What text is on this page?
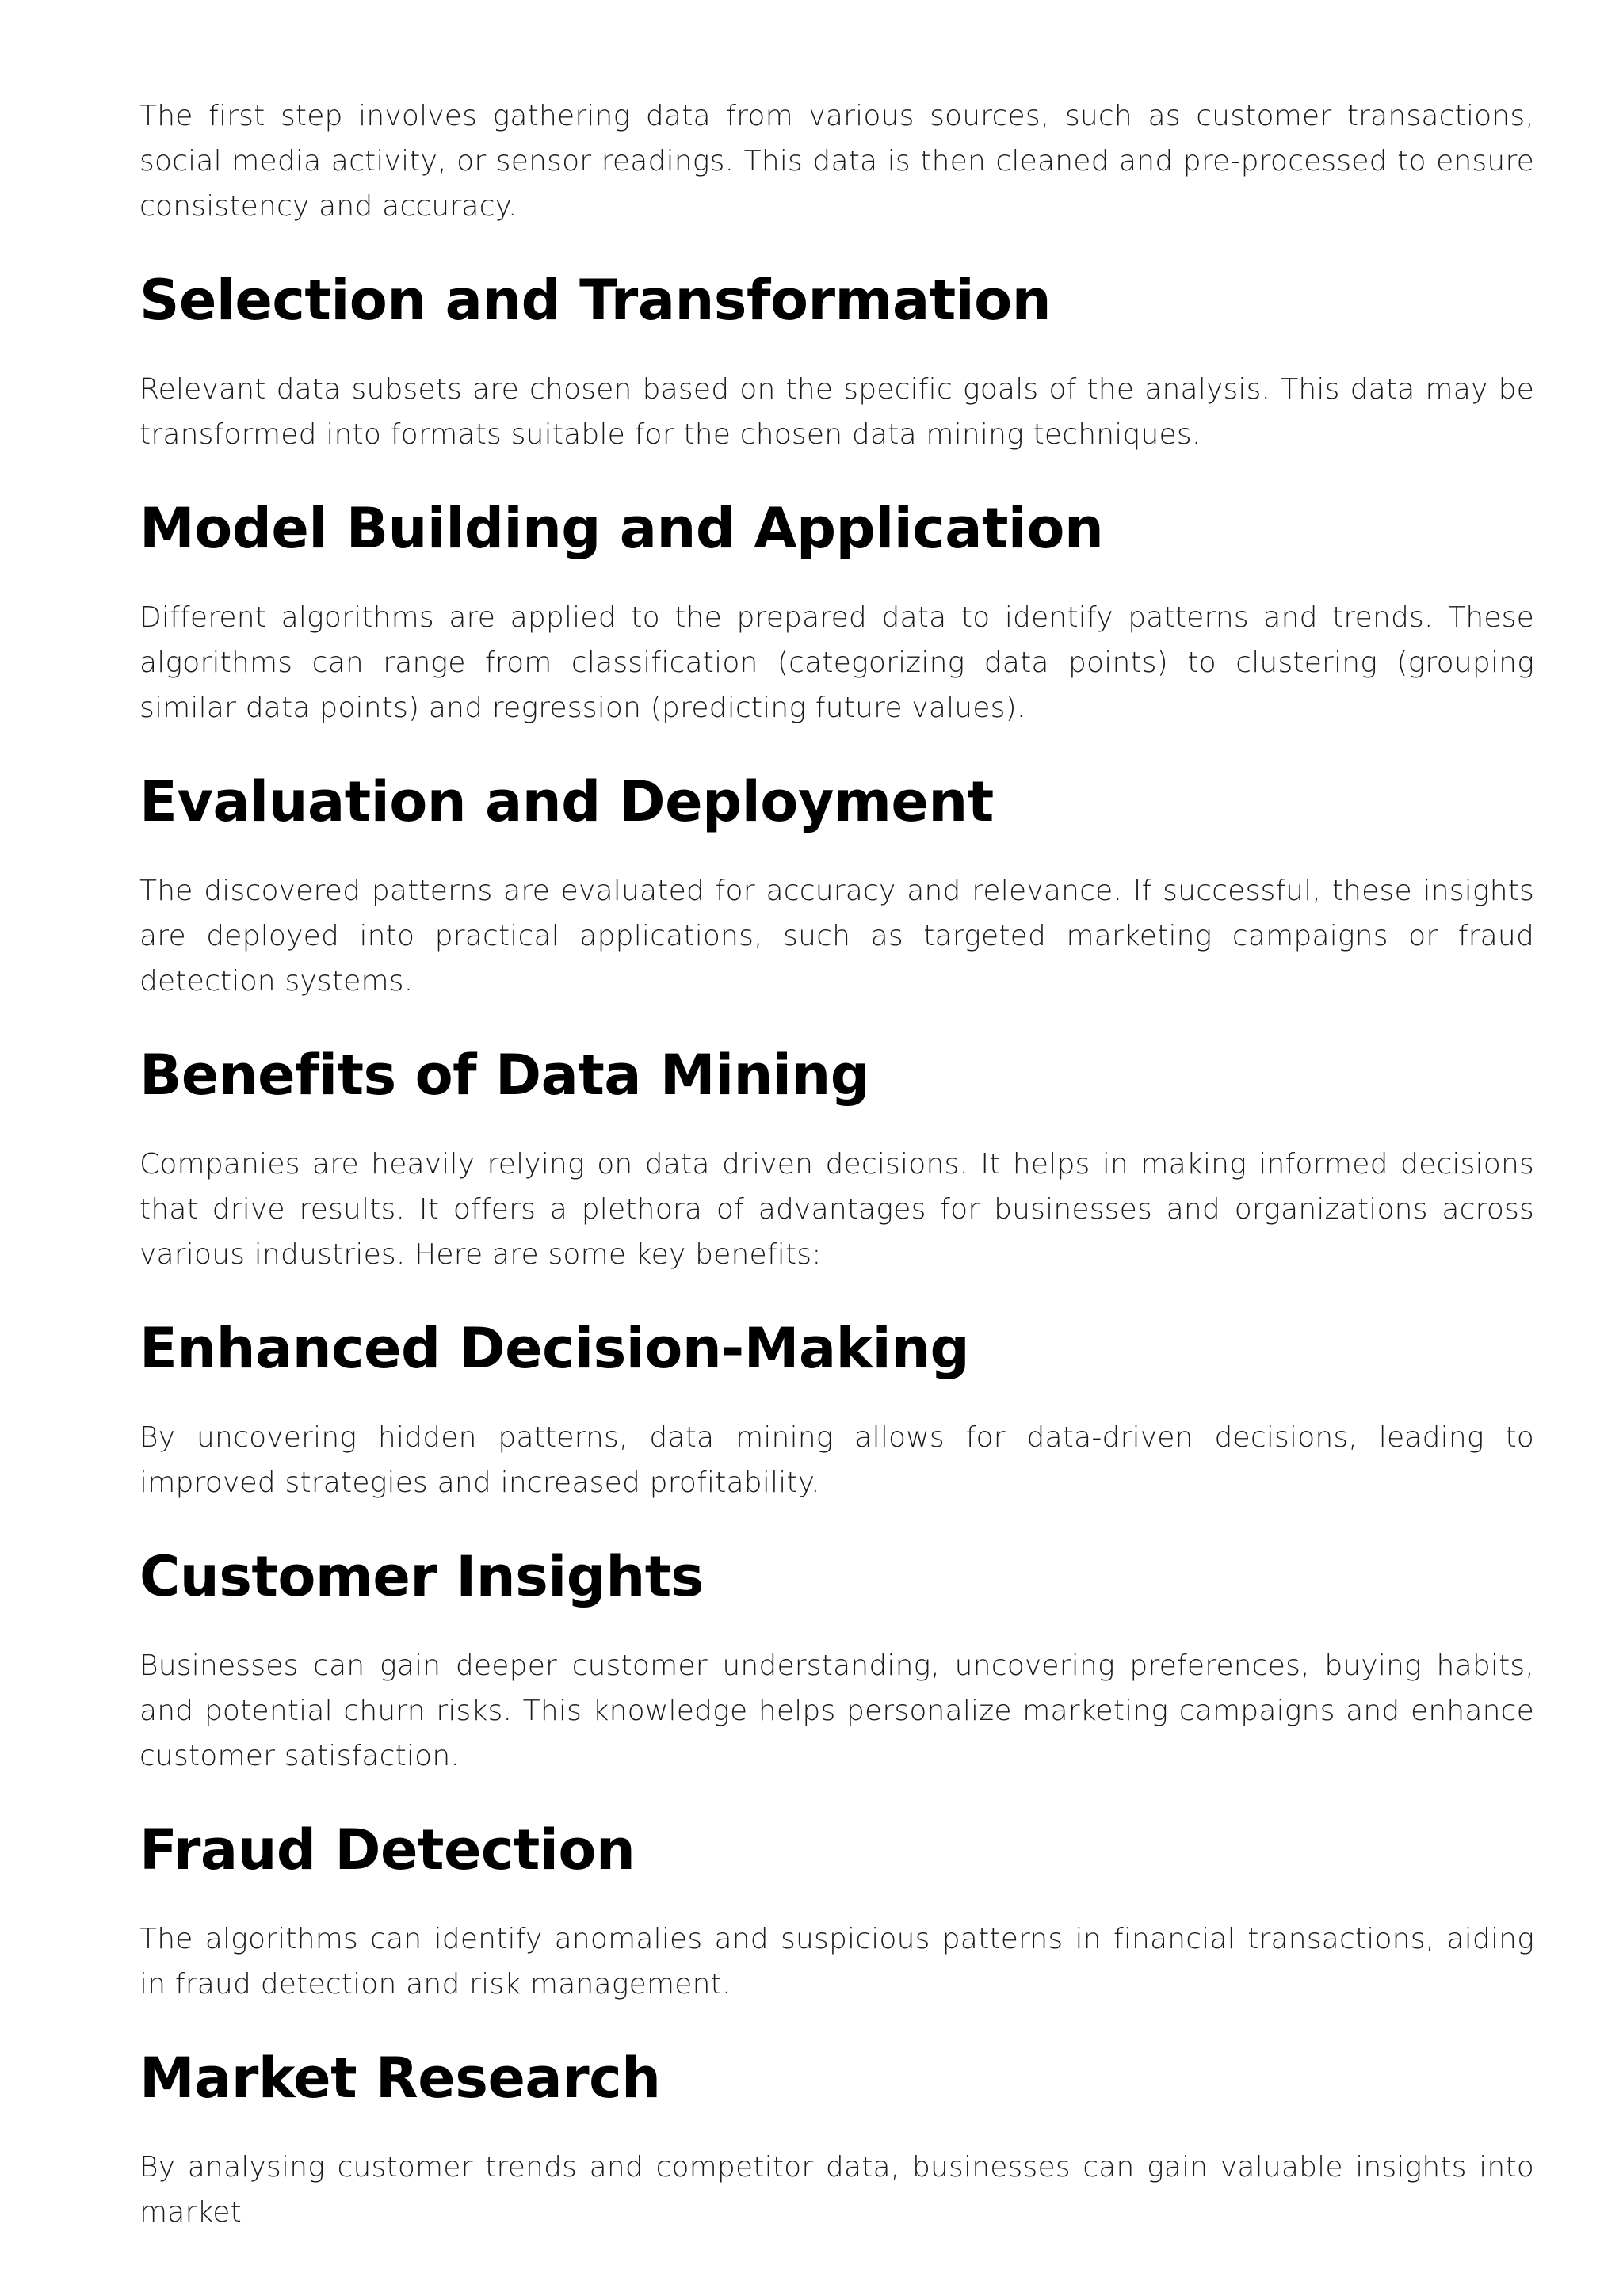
The first step involves gathering data from various sources, such as customer transactions, social media activity, or sensor readings. This data is then cleaned and pre-processed to ensure consistency and accuracy.

Selection and Transformation

Relevant data subsets are chosen based on the specific goals of the analysis. This data may be transformed into formats suitable for the chosen data mining techniques.

Model Building and Application

Different algorithms are applied to the prepared data to identify patterns and trends. These algorithms can range from classification (categorizing data points) to clustering (grouping similar data points) and regression (predicting future values).

Evaluation and Deployment

The discovered patterns are evaluated for accuracy and relevance. If successful, these insights are deployed into practical applications, such as targeted marketing campaigns or fraud detection systems.

Benefits of Data Mining

Companies are heavily relying on data driven decisions. It helps in making informed decisions that drive results. It offers a plethora of advantages for businesses and organizations across various industries. Here are some key benefits:

Enhanced Decision-Making

By uncovering hidden patterns, data mining allows for data-driven decisions, leading to improved strategies and increased profitability.

Customer Insights

Businesses can gain deeper customer understanding, uncovering preferences, buying habits, and potential churn risks. This knowledge helps personalize marketing campaigns and enhance customer satisfaction.

Fraud Detection

The algorithms can identify anomalies and suspicious patterns in financial transactions, aiding in fraud detection and risk management.

Market Research

By analysing customer trends and competitor data, businesses can gain valuable insights into market
